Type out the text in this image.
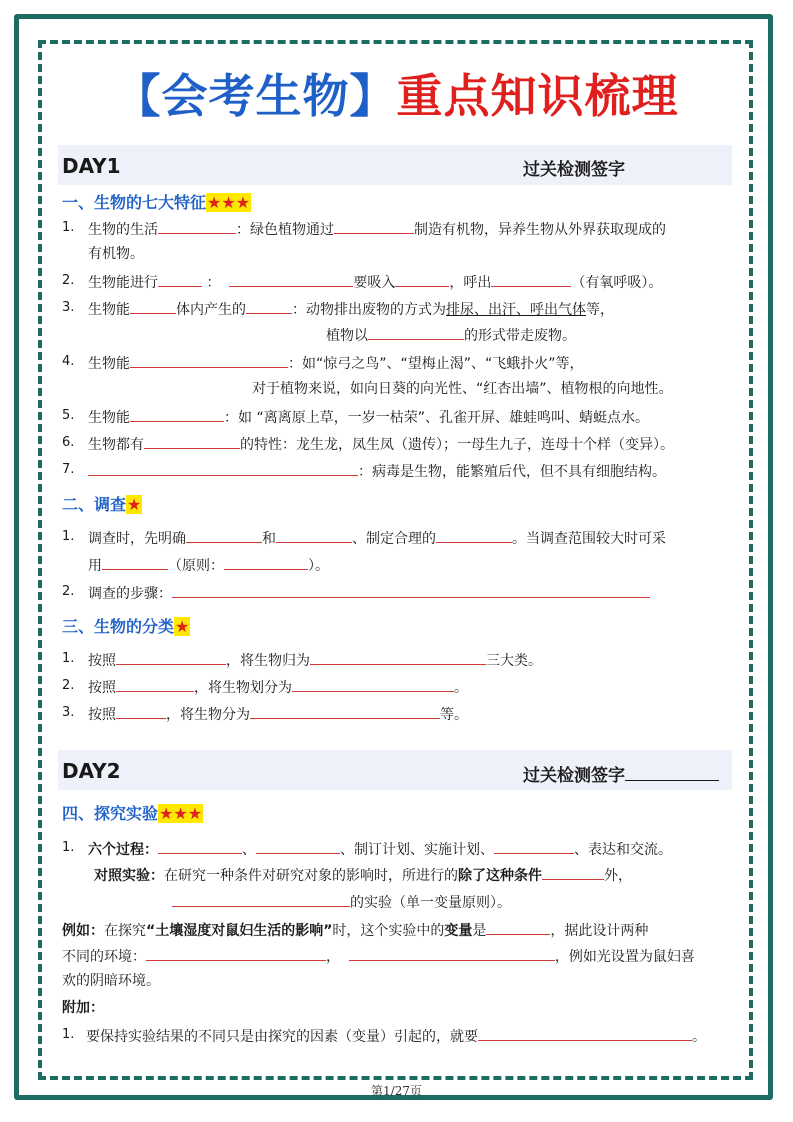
【会考生物】重点知识梳理
DAY1	过关检测签字
一、生物的七大特征★★★
1. 生物的生活	：绿色植物通过	制造有机物，异养生物从外界获取现成的
有机物。
2. 生物能进行	：	要吸入	，呼出	（有氧呼吸）。
3. 生物能	体内产生的	：动物排出废物的方式为排尿、出汗、呼出气体等，
植物以	的形式带走废物。
4. 生物能	：如“惊弓之鸟”、“望梅止渴”、“飞蛾扑火”等，
对于植物来说，如向日葵的向光性、“红杏出墙”、植物根的向地性。
5. 生物能	：如 “离离原上草，一岁一枯荣”、孔雀开屏、雄蛙鸣叫、蜻蜓点水。
6. 生物都有	的特性：龙生龙，凤生凤（遗传）；一母生九子，连母十个样（变异）。
7.	：病毒是生物，能繁殖后代，但不具有细胞结构。
二、调查★
1. 调查时，先明确	和	、制定合理的	。当调查范围较大时可采
用	（原则：	）。
2. 调查的步骤：
三、生物的分类★
1. 按照	，将生物归为	三大类。
2. 按照	，将生物划分为	。
3. 按照	，将生物分为	等。
DAY2	过关检测签字
四、探究实验★★★
1. 六个过程：	、	、制订计划、实施计划、	、表达和交流。
对照实验：在研究一种条件对研究对象的影响时，所进行的除了这种条件	外，
的实验（单一变量原则）。
例如：在探究“土壤湿度对鼠妇生活的影响”时，这个实验中的变量是	，据此设计两种
不同的环境：	，	，例如光设置为鼠妇喜
欢的阴暗环境。
附加：
1. 要保持实验结果的不同只是由探究的因素（变量）引起的，就要	。
第1/27页
